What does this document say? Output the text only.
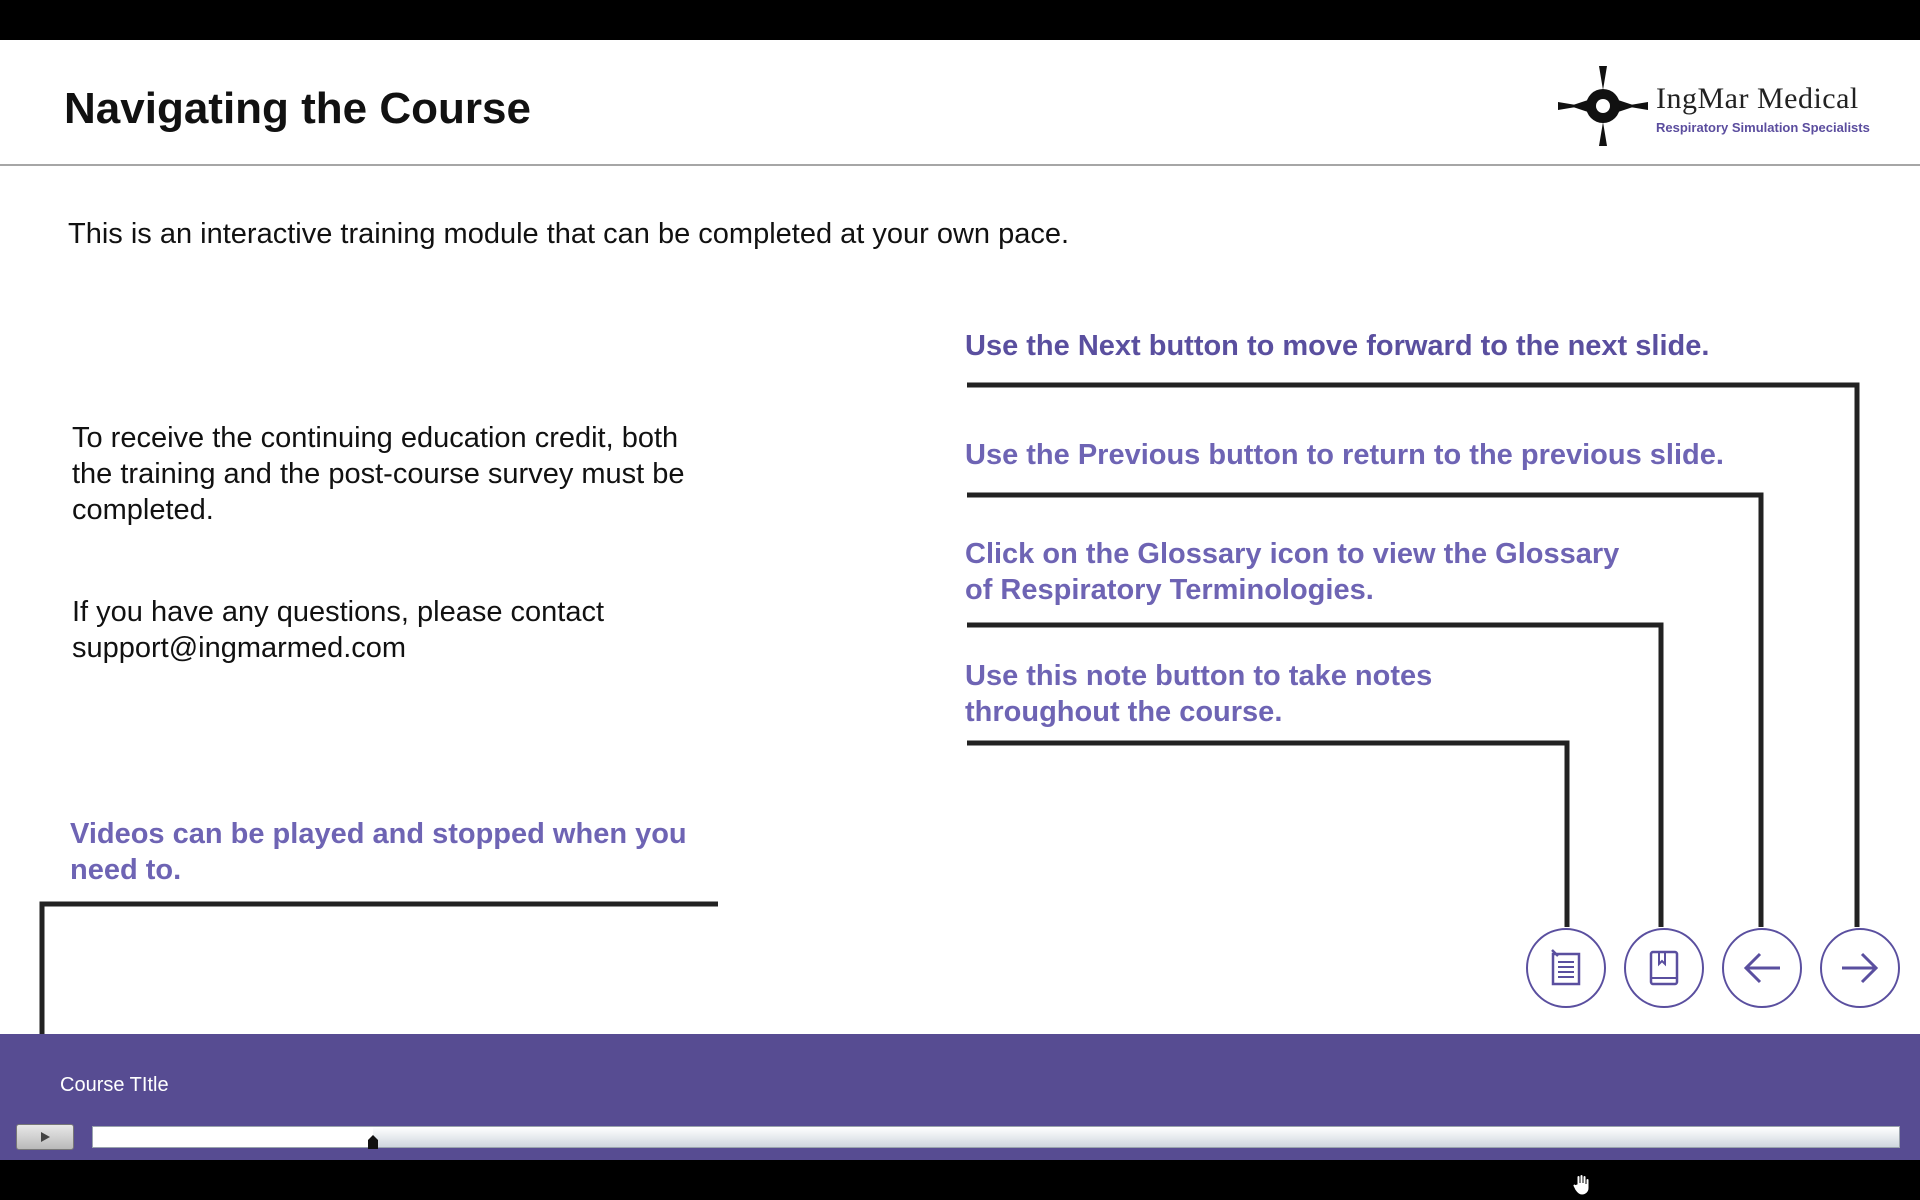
Navigating the Course	IngMar Medical
Respiratory Simulation Specialists
This is an interactive training module that can be completed at your own pace.
To receive the continuing education credit, both
the training and the post-course survey must be
completed.
If you have any questions, please contact
support@ingmarmed.com
Use the Next button to move forward to the next slide.
Use the Previous button to return to the previous slide.
Click on the Glossary icon to view the Glossary
of Respiratory Terminologies.
Use this note button to take notes
throughout the course.
Videos can be played and stopped when you
need to.
Course TItle
